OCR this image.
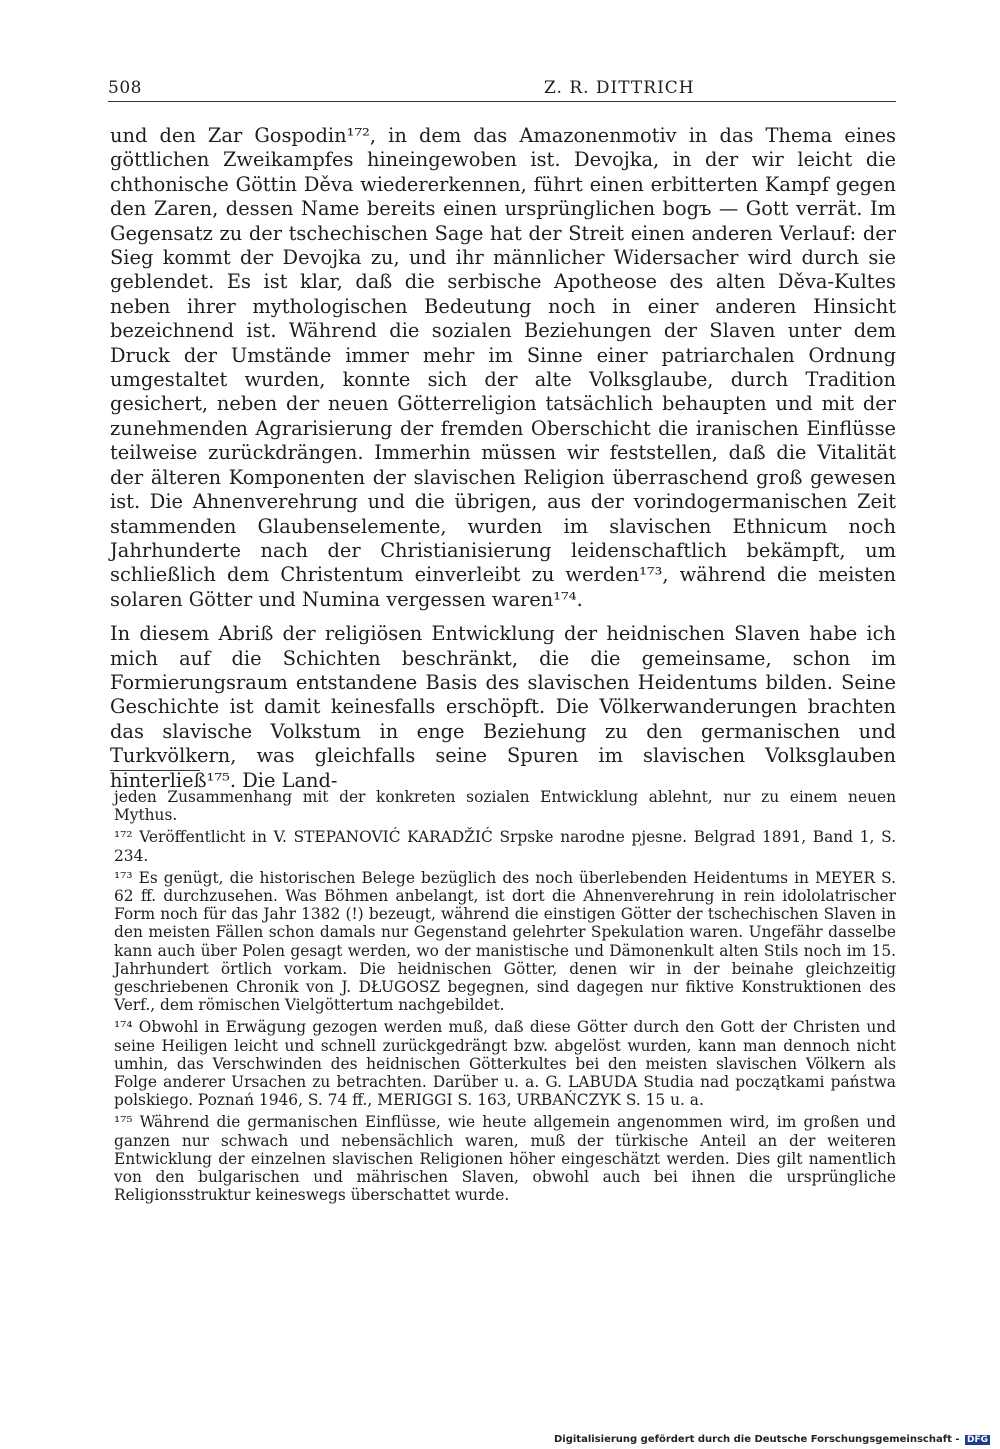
508	Z. R. DITTRICH

und den Zar Gospodin¹⁷², in dem das Amazonenmotiv in das Thema eines göttlichen Zweikampfes hineingewoben ist. Devojka, in der wir leicht die chthonische Göttin Děva wiedererkennen, führt einen erbitterten Kampf gegen den Zaren, dessen Name bereits einen ursprünglichen bogъ — Gott verrät. Im Gegensatz zu der tschechischen Sage hat der Streit einen anderen Verlauf: der Sieg kommt der Devojka zu, und ihr männlicher Widersacher wird durch sie geblendet. Es ist klar, daß die serbische Apotheose des alten Děva-Kultes neben ihrer mythologischen Bedeutung noch in einer anderen Hinsicht bezeichnend ist. Während die sozialen Beziehungen der Slaven unter dem Druck der Umstände immer mehr im Sinne einer patriarchalen Ordnung umgestaltet wurden, konnte sich der alte Volksglaube, durch Tradition gesichert, neben der neuen Götterreligion tatsächlich behaupten und mit der zunehmenden Agrarisierung der fremden Oberschicht die iranischen Einflüsse teilweise zurückdrängen. Immerhin müssen wir feststellen, daß die Vitalität der älteren Komponenten der slavischen Religion überraschend groß gewesen ist. Die Ahnenverehrung und die übrigen, aus der vorindogermanischen Zeit stammenden Glaubenselemente, wurden im slavischen Ethnicum noch Jahrhunderte nach der Christianisierung leidenschaftlich bekämpft, um schließlich dem Christentum einverleibt zu werden¹⁷³, während die meisten solaren Götter und Numina vergessen waren¹⁷⁴.

In diesem Abriß der religiösen Entwicklung der heidnischen Slaven habe ich mich auf die Schichten beschränkt, die die gemeinsame, schon im Formierungsraum entstandene Basis des slavischen Heidentums bilden. Seine Geschichte ist damit keinesfalls erschöpft. Die Völkerwanderungen brachten das slavische Volkstum in enge Beziehung zu den germanischen und Turkvölkern, was gleichfalls seine Spuren im slavischen Volksglauben hinterließ¹⁷⁵. Die Land-

jeden Zusammenhang mit der konkreten sozialen Entwicklung ablehnt, nur zu einem neuen Mythus.

¹⁷² Veröffentlicht in V. STEPANOVIĆ KARADŽIĆ Srpske narodne pjesne. Belgrad 1891, Band 1, S. 234.

¹⁷³ Es genügt, die historischen Belege bezüglich des noch überlebenden Heidentums in MEYER S. 62 ff. durchzusehen. Was Böhmen anbelangt, ist dort die Ahnenverehrung in rein idololatrischer Form noch für das Jahr 1382 (!) bezeugt, während die einstigen Götter der tschechischen Slaven in den meisten Fällen schon damals nur Gegenstand gelehrter Spekulation waren. Ungefähr dasselbe kann auch über Polen gesagt werden, wo der manistische und Dämonenkult alten Stils noch im 15. Jahrhundert örtlich vorkam. Die heidnischen Götter, denen wir in der beinahe gleichzeitig geschriebenen Chronik von J. DŁUGOSZ begegnen, sind dagegen nur fiktive Konstruktionen des Verf., dem römischen Vielgöttertum nachgebildet.

¹⁷⁴ Obwohl in Erwägung gezogen werden muß, daß diese Götter durch den Gott der Christen und seine Heiligen leicht und schnell zurückgedrängt bzw. abgelöst wurden, kann man dennoch nicht umhin, das Verschwinden des heidnischen Götterkultes bei den meisten slavischen Völkern als Folge anderer Ursachen zu betrachten. Darüber u. a. G. LABUDA Studia nad początkami państwa polskiego. Poznań 1946, S. 74 ff., MERIGGI S. 163, URBAŃCZYK S. 15 u. a.

¹⁷⁵ Während die germanischen Einflüsse, wie heute allgemein angenommen wird, im großen und ganzen nur schwach und nebensächlich waren, muß der türkische Anteil an der weiteren Entwicklung der einzelnen slavischen Religionen höher eingeschätzt werden. Dies gilt namentlich von den bulgarischen und mährischen Slaven, obwohl auch bei ihnen die ursprüngliche Religionsstruktur keineswegs überschattet wurde.

Digitalisierung gefördert durch die Deutsche Forschungsgemeinschaft - DFG
